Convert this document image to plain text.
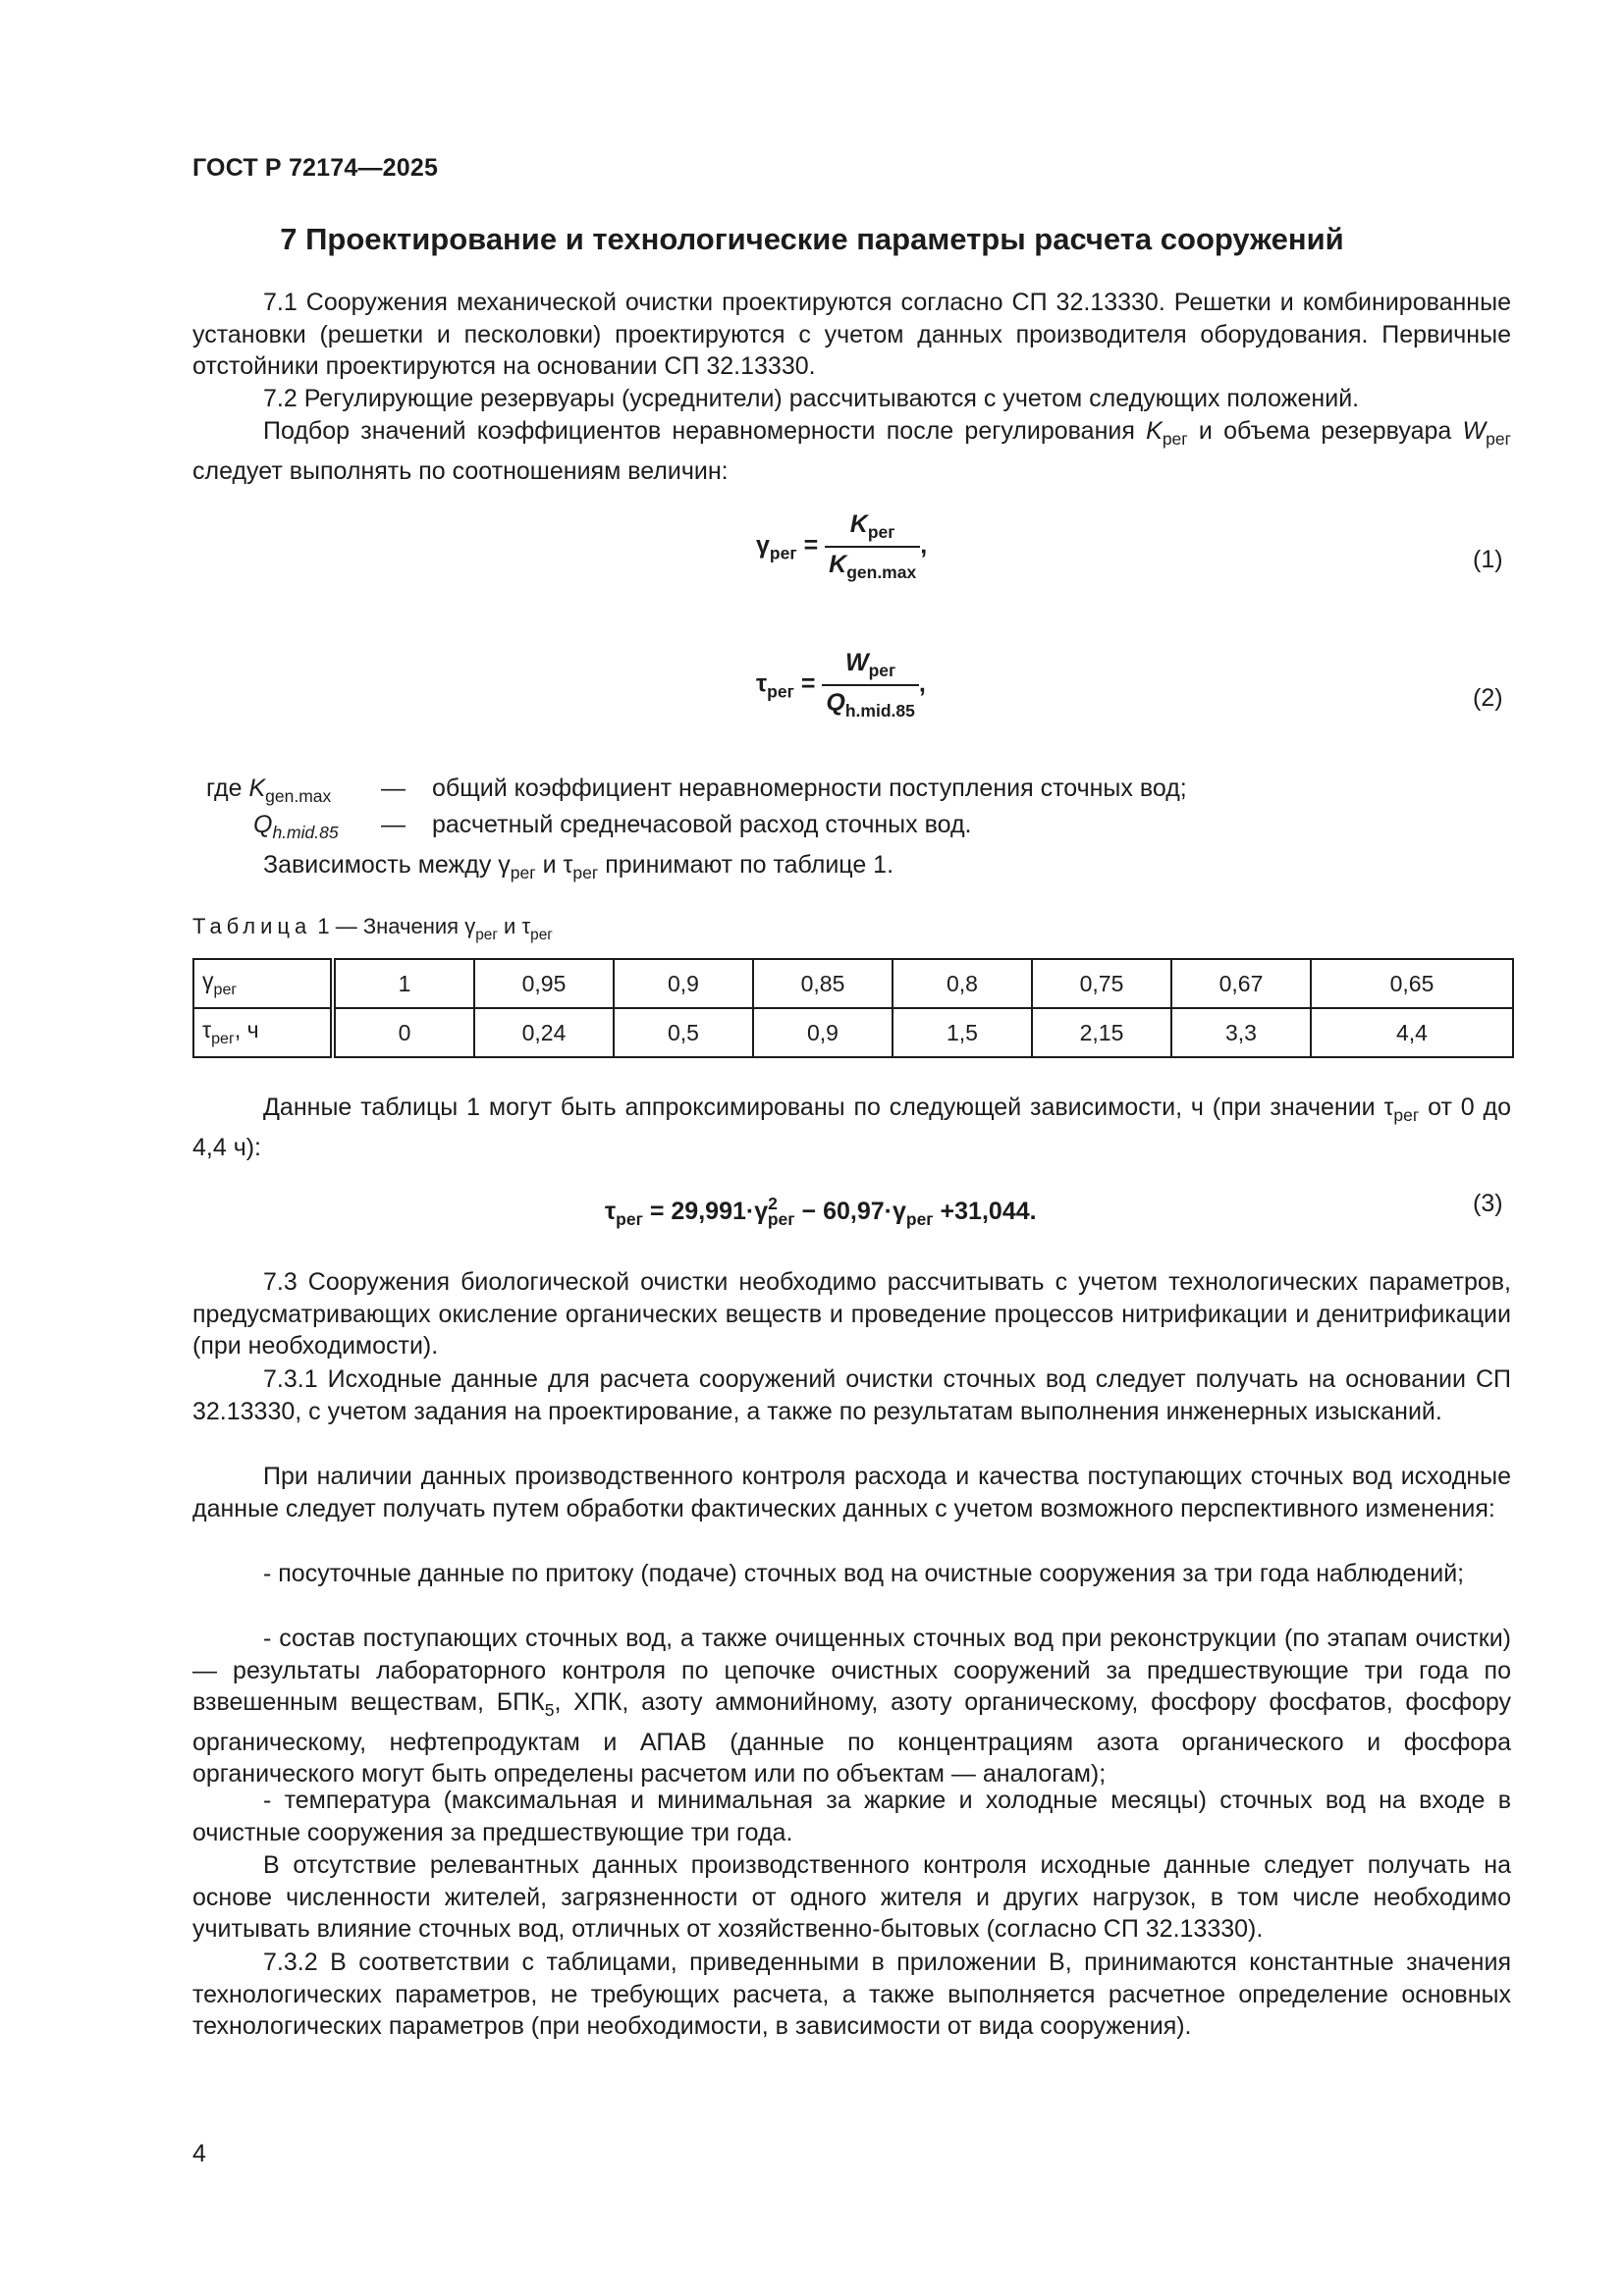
ГОСТ Р 72174—2025
7 Проектирование и технологические параметры расчета сооружений
7.1 Сооружения механической очистки проектируются согласно СП 32.13330. Решетки и комбинированные установки (решетки и песколовки) проектируются с учетом данных производителя оборудования. Первичные отстойники проектируются на основании СП 32.13330.
7.2 Регулирующие резервуары (усреднители) рассчитываются с учетом следующих положений.
Подбор значений коэффициентов неравномерности после регулирования $K_{рег}$ и объема резервуара $W_{рег}$ следует выполнять по соотношениям величин:
$\gamma_{рег} = \frac{K_{рег}}{K_{gen.max}}$ ,
(1)
$\tau_{рег} = \frac{W_{рег}}{Q_{h.mid.85}}$ ,
(2)
где $K_{gen.max}$ — общий коэффициент неравномерности поступления сточных вод;
$Q_{h.mid.85}$ — расчетный среднечасовой расход сточных вод.
Зависимость между $\gamma_{рег}$ и $\tau_{рег}$ принимают по таблице 1.
Таблица 1 — Значения $\gamma_{рег}$ и $\tau_{рег}$
$\gamma_{рег}$	1	0,95	0,9	0,85	0,8	0,75	0,67	0,65
$\tau_{рег}$, ч	0	0,24	0,5	0,9	1,5	2,15	3,3	4,4
Данные таблицы 1 могут быть аппроксимированы по следующей зависимости, ч (при значении $\tau_{рег}$ от 0 до 4,4 ч):
$\tau_{рег} = 29,991\cdot\gamma^2_{рег} - 60,97\cdot\gamma_{рег} +31,044$.	(3)
7.3 Сооружения биологической очистки необходимо рассчитывать с учетом технологических параметров, предусматривающих окисление органических веществ и проведение процессов нитрификации и денитрификации (при необходимости).
7.3.1 Исходные данные для расчета сооружений очистки сточных вод следует получать на основании СП 32.13330, с учетом задания на проектирование, а также по результатам выполнения инженерных изысканий.
При наличии данных производственного контроля расхода и качества поступающих сточных вод исходные данные следует получать путем обработки фактических данных с учетом возможного перспективного изменения:
- посуточные данные по притоку (подаче) сточных вод на очистные сооружения за три года наблюдений;
- состав поступающих сточных вод, а также очищенных сточных вод при реконструкции (по этапам очистки) — результаты лабораторного контроля по цепочке очистных сооружений за предшествующие три года по взвешенным веществам, $БПК_5$, ХПК, азоту аммонийному, азоту органическому, фосфору фосфатов, фосфору органическому, нефтепродуктам и АПАВ (данные по концентрациям азота органического и фосфора органического могут быть определены расчетом или по объектам — аналогам);
- температура (максимальная и минимальная за жаркие и холодные месяцы) сточных вод на входе в очистные сооружения за предшествующие три года.
В отсутствие релевантных данных производственного контроля исходные данные следует получать на основе численности жителей, загрязненности от одного жителя и других нагрузок, в том числе необходимо учитывать влияние сточных вод, отличных от хозяйственно-бытовых (согласно СП 32.13330).
7.3.2 В соответствии с таблицами, приведенными в приложении В, принимаются константные значения технологических параметров, не требующих расчета, а также выполняется расчетное определение основных технологических параметров (при необходимости, в зависимости от вида сооружения).
4
